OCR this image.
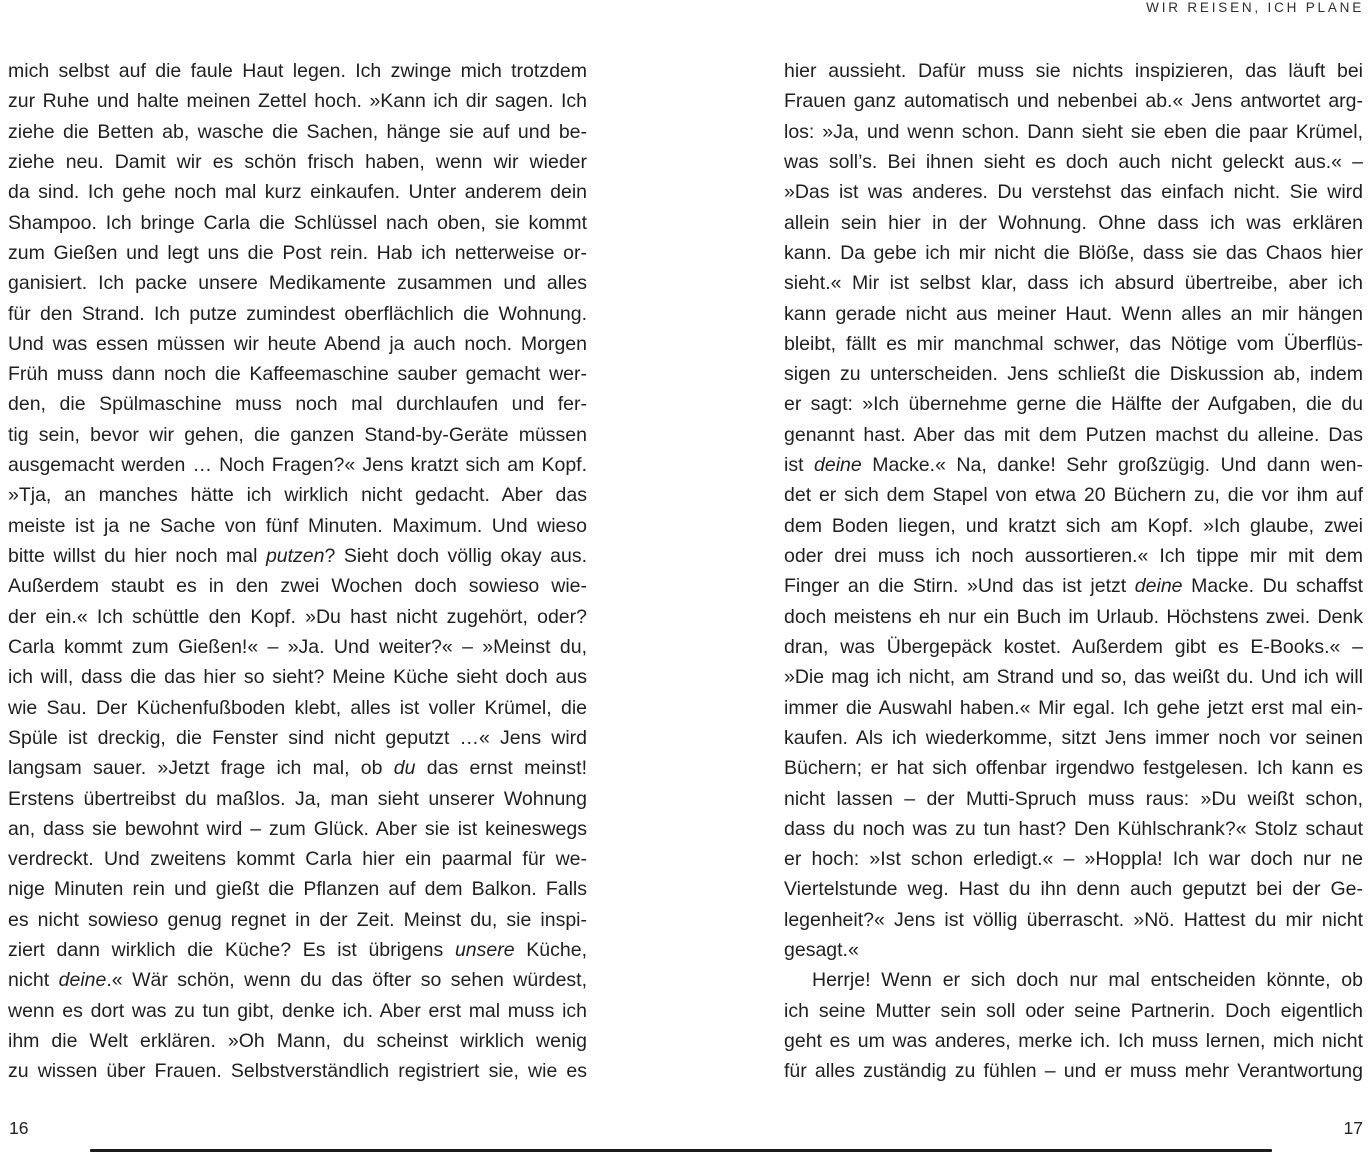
WIR REISEN, ICH PLANE
mich selbst auf die faule Haut legen. Ich zwinge mich trotzdem
zur Ruhe und halte meinen Zettel hoch. »Kann ich dir sagen. Ich
ziehe die Betten ab, wasche die Sachen, hänge sie auf und be-
ziehe neu. Damit wir es schön frisch haben, wenn wir wieder
da sind. Ich gehe noch mal kurz einkaufen. Unter anderem dein
Shampoo. Ich bringe Carla die Schlüssel nach oben, sie kommt
zum Gießen und legt uns die Post rein. Hab ich netterweise or-
ganisiert. Ich packe unsere Medikamente zusammen und alles
für den Strand. Ich putze zumindest oberflächlich die Wohnung.
Und was essen müssen wir heute Abend ja auch noch. Morgen
Früh muss dann noch die Kaffeemaschine sauber gemacht wer-
den, die Spülmaschine muss noch mal durchlaufen und fer-
tig sein, bevor wir gehen, die ganzen Stand-by-Geräte müssen
ausgemacht werden … Noch Fragen?« Jens kratzt sich am Kopf.
»Tja, an manches hätte ich wirklich nicht gedacht. Aber das
meiste ist ja ne Sache von fünf Minuten. Maximum. Und wieso
bitte willst du hier noch mal putzen? Sieht doch völlig okay aus.
Außerdem staubt es in den zwei Wochen doch sowieso wie-
der ein.« Ich schüttle den Kopf. »Du hast nicht zugehört, oder?
Carla kommt zum Gießen!« – »Ja. Und weiter?« – »Meinst du,
ich will, dass die das hier so sieht? Meine Küche sieht doch aus
wie Sau. Der Küchenfußboden klebt, alles ist voller Krümel, die
Spüle ist dreckig, die Fenster sind nicht geputzt …« Jens wird
langsam sauer. »Jetzt frage ich mal, ob du das ernst meinst!
Erstens übertreibst du maßlos. Ja, man sieht unserer Wohnung
an, dass sie bewohnt wird – zum Glück. Aber sie ist keineswegs
verdreckt. Und zweitens kommt Carla hier ein paarmal für we-
nige Minuten rein und gießt die Pflanzen auf dem Balkon. Falls
es nicht sowieso genug regnet in der Zeit. Meinst du, sie inspi-
ziert dann wirklich die Küche? Es ist übrigens unsere Küche,
nicht deine.« Wär schön, wenn du das öfter so sehen würdest,
wenn es dort was zu tun gibt, denke ich. Aber erst mal muss ich
ihm die Welt erklären. »Oh Mann, du scheinst wirklich wenig
zu wissen über Frauen. Selbstverständlich registriert sie, wie es
hier aussieht. Dafür muss sie nichts inspizieren, das läuft bei
Frauen ganz automatisch und nebenbei ab.« Jens antwortet arg-
los: »Ja, und wenn schon. Dann sieht sie eben die paar Krümel,
was soll’s. Bei ihnen sieht es doch auch nicht geleckt aus.« –
»Das ist was anderes. Du verstehst das einfach nicht. Sie wird
allein sein hier in der Wohnung. Ohne dass ich was erklären
kann. Da gebe ich mir nicht die Blöße, dass sie das Chaos hier
sieht.« Mir ist selbst klar, dass ich absurd übertreibe, aber ich
kann gerade nicht aus meiner Haut. Wenn alles an mir hängen
bleibt, fällt es mir manchmal schwer, das Nötige vom Überflüs-
sigen zu unterscheiden. Jens schließt die Diskussion ab, indem
er sagt: »Ich übernehme gerne die Hälfte der Aufgaben, die du
genannt hast. Aber das mit dem Putzen machst du alleine. Das
ist deine Macke.« Na, danke! Sehr großzügig. Und dann wen-
det er sich dem Stapel von etwa 20 Büchern zu, die vor ihm auf
dem Boden liegen, und kratzt sich am Kopf. »Ich glaube, zwei
oder drei muss ich noch aussortieren.« Ich tippe mir mit dem
Finger an die Stirn. »Und das ist jetzt deine Macke. Du schaffst
doch meistens eh nur ein Buch im Urlaub. Höchstens zwei. Denk
dran, was Übergepäck kostet. Außerdem gibt es E-Books.« –
»Die mag ich nicht, am Strand und so, das weißt du. Und ich will
immer die Auswahl haben.« Mir egal. Ich gehe jetzt erst mal ein-
kaufen. Als ich wiederkomme, sitzt Jens immer noch vor seinen
Büchern; er hat sich offenbar irgendwo festgelesen. Ich kann es
nicht lassen – der Mutti-Spruch muss raus: »Du weißt schon,
dass du noch was zu tun hast? Den Kühlschrank?« Stolz schaut
er hoch: »Ist schon erledigt.« – »Hoppla! Ich war doch nur ne
Viertelstunde weg. Hast du ihn denn auch geputzt bei der Ge-
legenheit?« Jens ist völlig überrascht. »Nö. Hattest du mir nicht
gesagt.«
Herrje! Wenn er sich doch nur mal entscheiden könnte, ob
ich seine Mutter sein soll oder seine Partnerin. Doch eigentlich
geht es um was anderes, merke ich. Ich muss lernen, mich nicht
für alles zuständig zu fühlen – und er muss mehr Verantwortung
16	17
